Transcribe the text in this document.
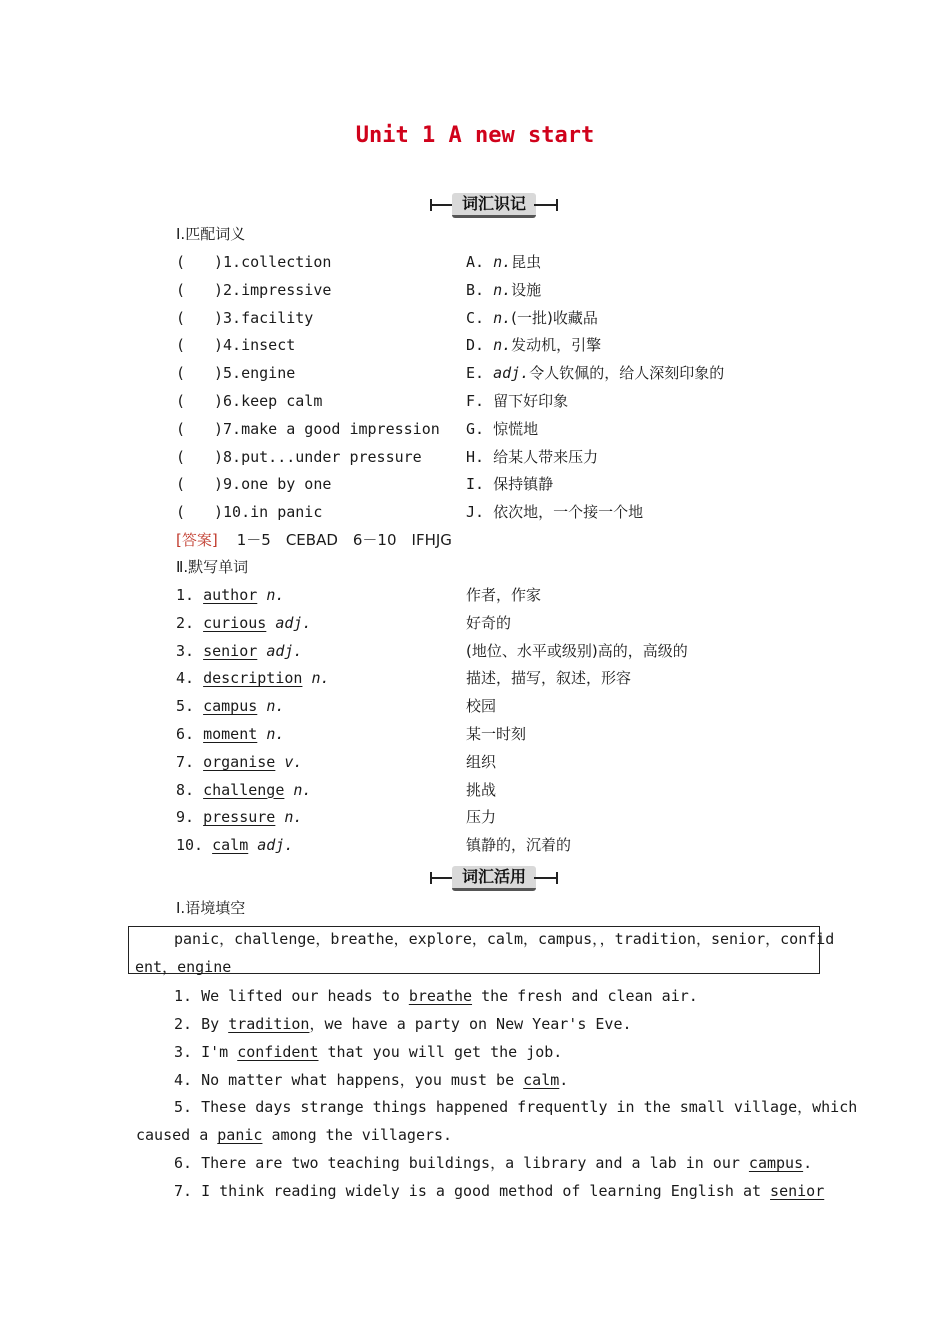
Unit 1 A new start
词汇识记
Ⅰ.匹配词义
( )1.collection	A. n.昆虫
( )2.impressive	B. n.设施
( )3.facility	C. n.(一批)收藏品
( )4.insect	D. n.发动机，引擎
( )5.engine	E. adj.令人钦佩的，给人深刻印象的
( )6.keep calm	F. 留下好印象
( )7.make a good impression G. 惊慌地
( )8.put...under pressure	H. 给某人带来压力
( )9.one by one	I. 保持镇静
( )10.in panic	J. 依次地，一个接一个地
[答案] 1－5　CEBAD　6－10　IFHJG
Ⅱ.默写单词
1. author n.	作者，作家
2. curious adj.	好奇的
3. senior adj.	(地位、水平或级别)高的，高级的
4. description n.	描述，描写，叙述，形容
5. campus n.	校园
6. moment n.	某一时刻
7. organise v.	组织
8. challenge n.	挑战
9. pressure n.	压力
10. calm adj.	镇静的，沉着的
词汇活用
Ⅰ.语境填空
panic，challenge，breathe，explore，calm，campus，，tradition，senior，confid
ent，engine
1. We lifted our heads to breathe the fresh and clean air.
2. By tradition，we have a party on New Year's Eve.
3. I'm confident that you will get the job.
4. No matter what happens，you must be calm.
5. These days strange things happened frequently in the small village，which
caused a panic among the villagers.
6. There are two teaching buildings，a library and a lab in our campus.
7. I think reading widely is a good method of learning English at senior
